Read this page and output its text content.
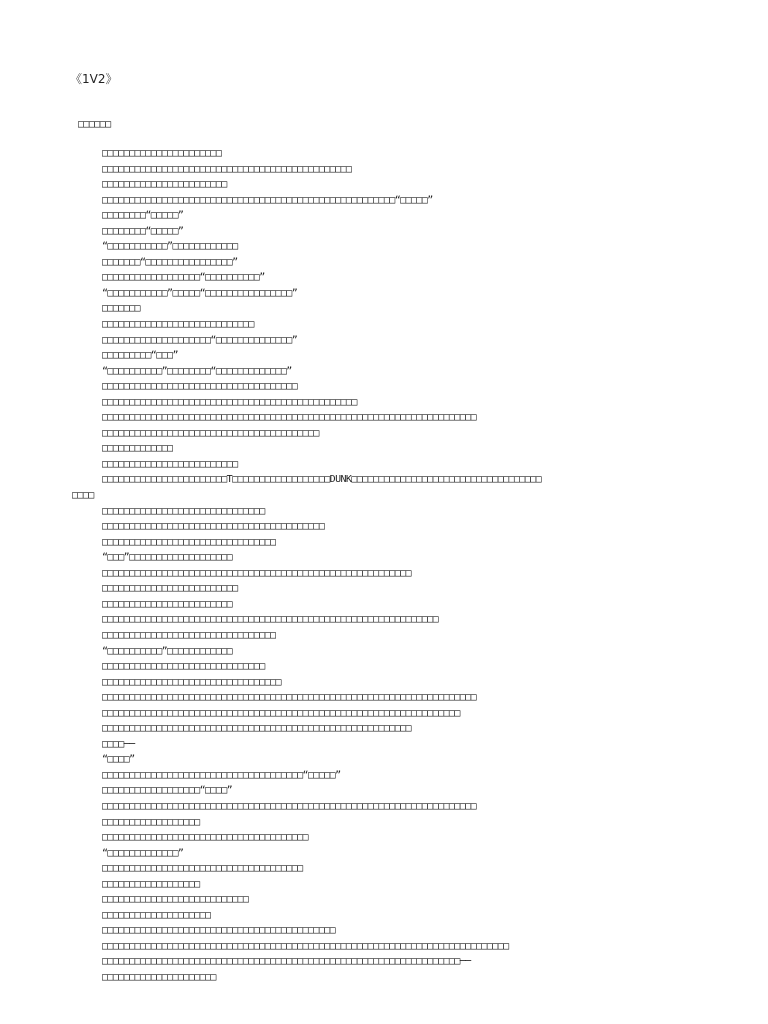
《1V2》
□□□□□□
□□□□□□□□□□□□□□□□□□□□□□
□□□□□□□□□□□□□□□□□□□□□□□□□□□□□□□□□□□□□□□□□□□□□□
□□□□□□□□□□□□□□□□□□□□□□□
□□□□□□□□□□□□□□□□□□□□□□□□□□□□□□□□□□□□□□□□□□□□□□□□□□□□□□“□□□□□”
□□□□□□□□“□□□□□”
□□□□□□□□“□□□□□”
“□□□□□□□□□□□”□□□□□□□□□□□□
□□□□□□□“□□□□□□□□□□□□□□□□”
□□□□□□□□□□□□□□□□□□“□□□□□□□□□□”
“□□□□□□□□□□□”□□□□□“□□□□□□□□□□□□□□□□”
□□□□□□□
□□□□□□□□□□□□□□□□□□□□□□□□□□□□
□□□□□□□□□□□□□□□□□□□□“□□□□□□□□□□□□□□”
□□□□□□□□□“□□□”
“□□□□□□□□□□”□□□□□□□□“□□□□□□□□□□□□□”
□□□□□□□□□□□□□□□□□□□□□□□□□□□□□□□□□□□□
□□□□□□□□□□□□□□□□□□□□□□□□□□□□□□□□□□□□□□□□□□□□□□□
□□□□□□□□□□□□□□□□□□□□□□□□□□□□□□□□□□□□□□□□□□□□□□□□□□□□□□□□□□□□□□□□□□□□□
□□□□□□□□□□□□□□□□□□□□□□□□□□□□□□□□□□□□□□□□
□□□□□□□□□□□□□
□□□□□□□□□□□□□□□□□□□□□□□□□
□□□□□□□□□□□□□□□□□□□□□□□T□□□□□□□□□□□□□□□□□□DUNK□□□□□□□□□□□□□□□□□□□□□□□□□□□□□□□□□□□
□□□□
□□□□□□□□□□□□□□□□□□□□□□□□□□□□□□
□□□□□□□□□□□□□□□□□□□□□□□□□□□□□□□□□□□□□□□□□
□□□□□□□□□□□□□□□□□□□□□□□□□□□□□□□□
“□□□”□□□□□□□□□□□□□□□□□□□
□□□□□□□□□□□□□□□□□□□□□□□□□□□□□□□□□□□□□□□□□□□□□□□□□□□□□□□□□
□□□□□□□□□□□□□□□□□□□□□□□□□
□□□□□□□□□□□□□□□□□□□□□□□□
□□□□□□□□□□□□□□□□□□□□□□□□□□□□□□□□□□□□□□□□□□□□□□□□□□□□□□□□□□□□□□
□□□□□□□□□□□□□□□□□□□□□□□□□□□□□□□□
“□□□□□□□□□□”□□□□□□□□□□□□
□□□□□□□□□□□□□□□□□□□□□□□□□□□□□□
□□□□□□□□□□□□□□□□□□□□□□□□□□□□□□□□□
□□□□□□□□□□□□□□□□□□□□□□□□□□□□□□□□□□□□□□□□□□□□□□□□□□□□□□□□□□□□□□□□□□□□□
□□□□□□□□□□□□□□□□□□□□□□□□□□□□□□□□□□□□□□□□□□□□□□□□□□□□□□□□□□□□□□□□□□
□□□□□□□□□□□□□□□□□□□□□□□□□□□□□□□□□□□□□□□□□□□□□□□□□□□□□□□□□
□□□□──
“□□□□”
□□□□□□□□□□□□□□□□□□□□□□□□□□□□□□□□□□□□□“□□□□□”
□□□□□□□□□□□□□□□□□□“□□□□”
□□□□□□□□□□□□□□□□□□□□□□□□□□□□□□□□□□□□□□□□□□□□□□□□□□□□□□□□□□□□□□□□□□□□□
□□□□□□□□□□□□□□□□□□
□□□□□□□□□□□□□□□□□□□□□□□□□□□□□□□□□□□□□□
“□□□□□□□□□□□□□”
□□□□□□□□□□□□□□□□□□□□□□□□□□□□□□□□□□□□□
□□□□□□□□□□□□□□□□□□
□□□□□□□□□□□□□□□□□□□□□□□□□□□
□□□□□□□□□□□□□□□□□□□□
□□□□□□□□□□□□□□□□□□□□□□□□□□□□□□□□□□□□□□□□□□□
□□□□□□□□□□□□□□□□□□□□□□□□□□□□□□□□□□□□□□□□□□□□□□□□□□□□□□□□□□□□□□□□□□□□□□□□□□□
□□□□□□□□□□□□□□□□□□□□□□□□□□□□□□□□□□□□□□□□□□□□□□□□□□□□□□□□□□□□□□□□□□──
□□□□□□□□□□□□□□□□□□□□□
